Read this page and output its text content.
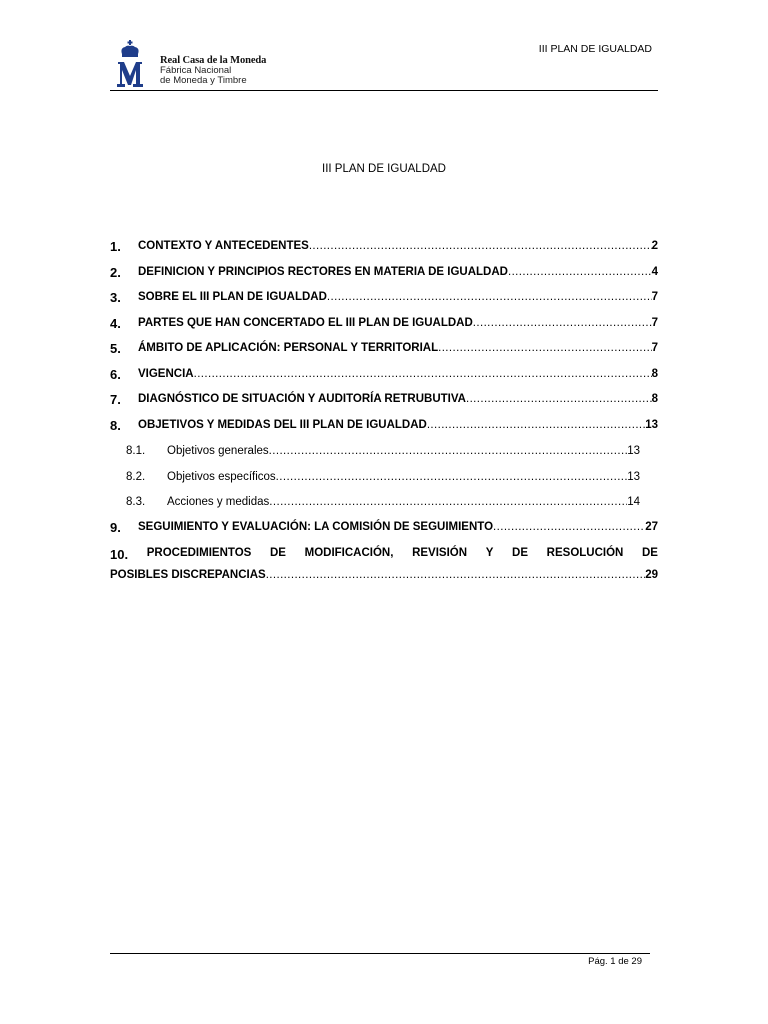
Real Casa de la Moneda
Fábrica Nacional
de Moneda y Timbre
III PLAN DE IGUALDAD
III PLAN DE IGUALDAD
1. CONTEXTO Y ANTECEDENTES .....	2
2. DEFINICION Y PRINCIPIOS RECTORES EN MATERIA DE IGUALDAD .....	4
3. SOBRE EL III PLAN DE IGUALDAD .....	7
4. PARTES QUE HAN CONCERTADO EL III PLAN DE IGUALDAD .....	7
5. ÁMBITO DE APLICACIÓN: PERSONAL Y TERRITORIAL .....	7
6. VIGENCIA .....	8
7. DIAGNÓSTICO DE SITUACIÓN Y AUDITORÍA RETRUBUTIVA .....	8
8. OBJETIVOS Y MEDIDAS DEL III PLAN DE IGUALDAD .....	13
8.1. Objetivos generales .....	13
8.2. Objetivos específicos .....	13
8.3. Acciones y medidas .....	14
9. SEGUIMIENTO Y EVALUACIÓN: LA COMISIÓN DE SEGUIMIENTO .....	27
10. PROCEDIMIENTOS DE MODIFICACIÓN, REVISIÓN Y DE RESOLUCIÓN DE
POSIBLES DISCREPANCIAS .....	29
Pág. 1 de 29
